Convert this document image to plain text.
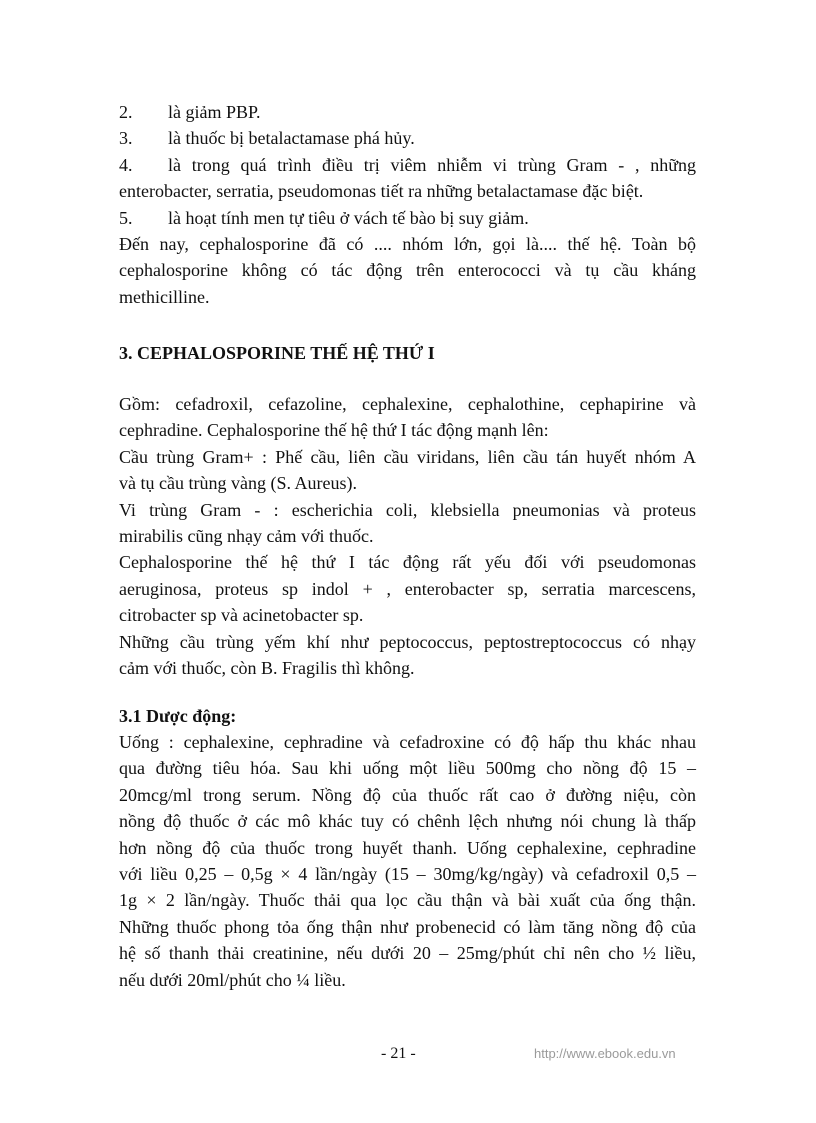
2. là giảm PBP.

3. là thuốc bị betalactamase phá hủy.

4. là trong quá trình điều trị viêm nhiễm vi trùng Gram - , những

enterobacter, serratia, pseudomonas tiết ra những betalactamase đặc biệt.

5. là hoạt tính men tự tiêu ở vách tế bào bị suy giảm.

Đến nay, cephalosporine đã có .... nhóm lớn, gọi là.... thế hệ. Toàn bộ

cephalosporine không có tác động trên enterococci và tụ cầu kháng

methicilline.

3. CEPHALOSPORINE THẾ HỆ THỨ I

Gồm: cefadroxil, cefazoline, cephalexine, cephalothine, cephapirine và

cephradine. Cephalosporine thế hệ thứ I tác động mạnh lên:

Cầu trùng Gram+ : Phế cầu, liên cầu viridans, liên cầu tán huyết nhóm A

và tụ cầu trùng vàng (S. Aureus).

Vi trùng Gram - : escherichia coli, klebsiella pneumonias và proteus

mirabilis cũng nhạy cảm với thuốc.

Cephalosporine thế hệ thứ I tác động rất yếu đối với pseudomonas

aeruginosa, proteus sp indol + , enterobacter sp, serratia marcescens,

citrobacter sp và acinetobacter sp.

Những cầu trùng yếm khí như peptococcus, peptostreptococcus có nhạy

cảm với thuốc, còn B. Fragilis thì không.

3.1 Dược động:

Uống : cephalexine, cephradine và cefadroxine có độ hấp thu khác nhau

qua đường tiêu hóa. Sau khi uống một liều 500mg cho nồng độ 15 –

20mcg/ml trong serum. Nồng độ của thuốc rất cao ở đường niệu, còn

nồng độ thuốc ở các mô khác tuy có chênh lệch nhưng nói chung là thấp

hơn nồng độ của thuốc trong huyết thanh. Uống cephalexine, cephradine

với liều 0,25 – 0,5g × 4 lần/ngày (15 – 30mg/kg/ngày) và cefadroxil 0,5 –

1g × 2 lần/ngày. Thuốc thải qua lọc cầu thận và bài xuất của ống thận.

Những thuốc phong tỏa ống thận như probenecid có làm tăng nồng độ của

hệ số thanh thải creatinine, nếu dưới 20 – 25mg/phút chỉ nên cho ½ liều,

nếu dưới 20ml/phút cho ¼ liều.

- 21 -	http://www.ebook.edu.vn
